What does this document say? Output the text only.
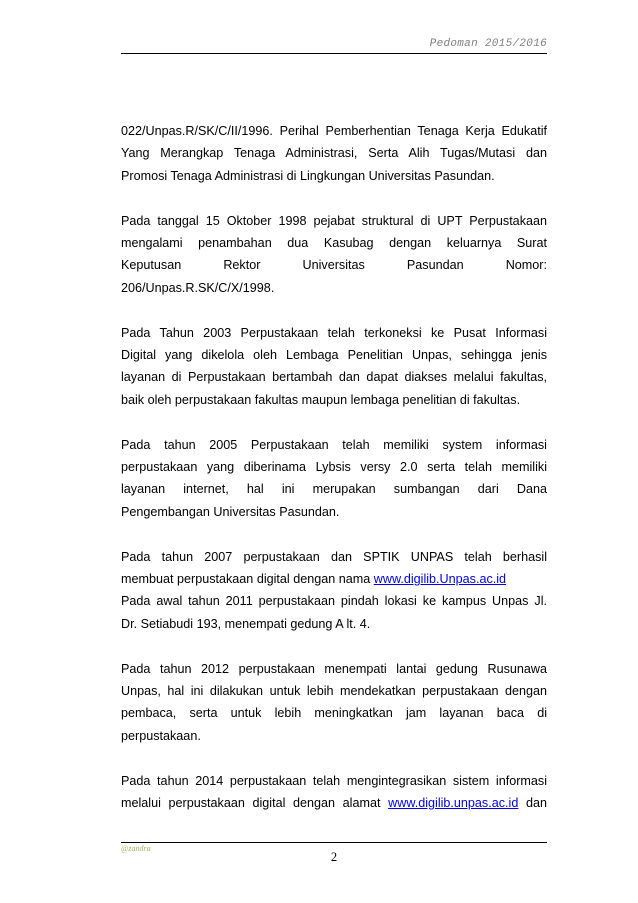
Pedoman 2015/2016

022/Unpas.R/SK/C/II/1996. Perihal Pemberhentian Tenaga Kerja Edukatif
Yang Merangkap Tenaga Administrasi, Serta Alih Tugas/Mutasi dan
Promosi Tenaga Administrasi di Lingkungan Universitas Pasundan.

Pada tanggal 15 Oktober 1998 pejabat struktural di UPT Perpustakaan
mengalami penambahan dua Kasubag dengan keluarnya Surat
Keputusan Rektor Universitas Pasundan Nomor:
206/Unpas.R.SK/C/X/1998.

Pada Tahun 2003 Perpustakaan telah terkoneksi ke Pusat Informasi
Digital yang dikelola oleh Lembaga Penelitian Unpas, sehingga jenis
layanan di Perpustakaan bertambah dan dapat diakses melalui fakultas,
baik oleh perpustakaan fakultas maupun lembaga penelitian di fakultas.

Pada tahun 2005 Perpustakaan telah memiliki system informasi
perpustakaan yang diberinama Lybsis versy 2.0 serta telah memiliki
layanan internet, hal ini merupakan sumbangan dari Dana
Pengembangan Universitas Pasundan.

Pada tahun 2007 perpustakaan dan SPTIK UNPAS telah berhasil
membuat perpustakaan digital dengan nama www.digilib.Unpas.ac.id

Pada awal tahun 2011 perpustakaan pindah lokasi ke kampus Unpas Jl.
Dr. Setiabudi 193, menempati gedung A lt. 4.

Pada tahun 2012 perpustakaan menempati lantai gedung Rusunawa
Unpas, hal ini dilakukan untuk lebih mendekatkan perpustakaan dengan
pembaca, serta untuk lebih meningkatkan jam layanan baca di
perpustakaan.

Pada tahun 2014 perpustakaan telah mengintegrasikan sistem informasi
melalui perpustakaan digital dengan alamat www.digilib.unpas.ac.id dan

@zandra
2
